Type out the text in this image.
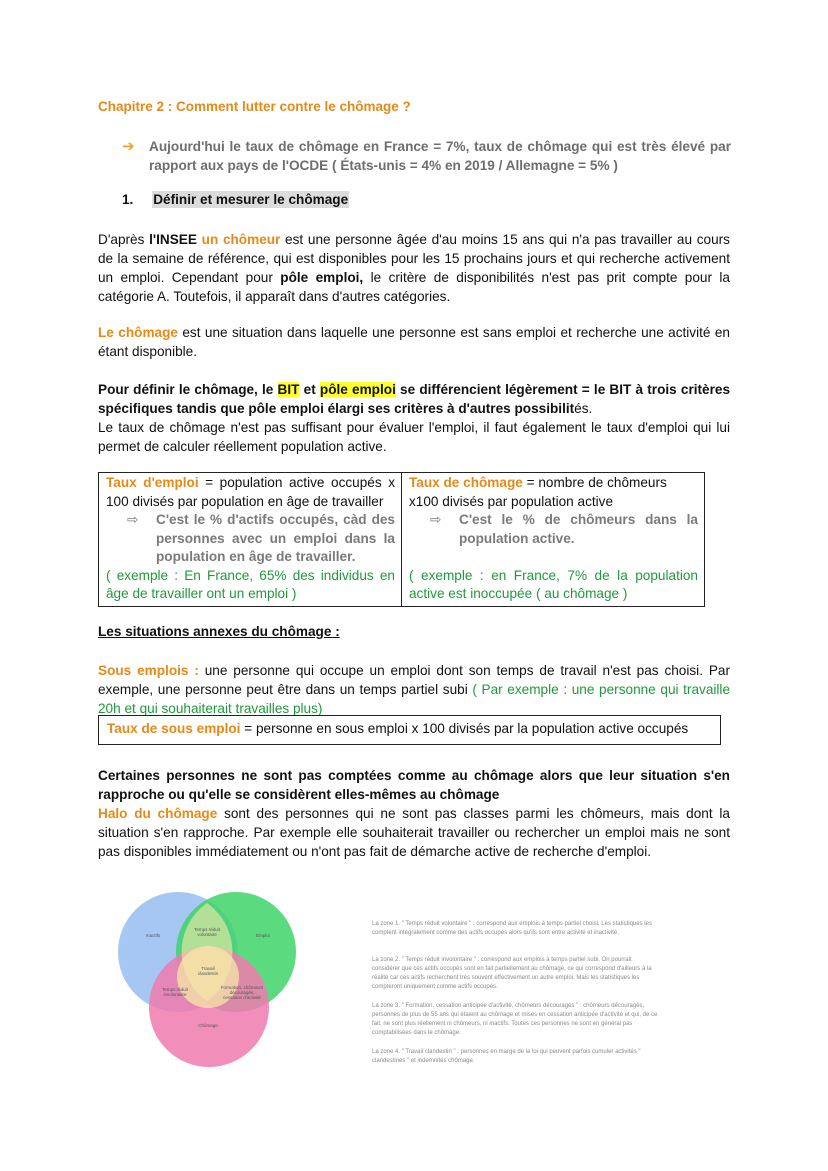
Chapitre 2 : Comment lutter contre le chômage ?
➔ Aujourd'hui le taux de chômage en France = 7%, taux de chômage qui est très élevé par rapport aux pays de l'OCDE ( États-unis = 4% en 2019 / Allemagne = 5% )
1. Définir et mesurer le chômage

D'après l'INSEE un chômeur est une personne âgée d'au moins 15 ans qui n'a pas travailler au cours de la semaine de référence, qui est disponibles pour les 15 prochains jours et qui recherche activement un emploi. Cependant pour pôle emploi, le critère de disponibilités n'est pas prit compte pour la catégorie A. Toutefois, il apparaît dans d'autres catégories.

Le chômage est une situation dans laquelle une personne est sans emploi et recherche une activité en étant disponible.

Pour définir le chômage, le BIT et pôle emploi se différencient légèrement = le BIT à trois critères spécifiques tandis que pôle emploi élargi ses critères à d'autres possibilités.
Le taux de chômage n'est pas suffisant pour évaluer l'emploi, il faut également le taux d'emploi qui lui permet de calculer réellement population active.

Taux d'emploi = population active occupés x 100 divisés par population en âge de travailler
⇨	C'est le % d'actifs occupés, càd des personnes avec un emploi dans la population en âge de travailler.
( exemple : En France, 65% des individus en âge de travailler ont un emploi )

Taux de chômage = nombre de chômeurs x100 divisés par population active
⇨	C'est le % de chômeurs dans la population active.
( exemple : en France, 7% de la population active est inoccupée ( au chômage )
Les situations annexes du chômage :

Sous emplois : une personne qui occupe un emploi dont son temps de travail n'est pas choisi. Par exemple, une personne peut être dans un temps partiel subi ( Par exemple : une personne qui travaille 20h et qui souhaiterait travailles plus)

Taux de sous emploi = personne en sous emploi x 100 divisés par la population active occupés

Certaines personnes ne sont pas comptées comme au chômage alors que leur situation s'en rapproche ou qu'elle se considèrent elles-mêmes au chômage
Halo du chômage sont des personnes qui ne sont pas classes parmi les chômeurs, mais dont la situation s'en rapproche. Par exemple elle souhaiterait travailler ou rechercher un emploi mais ne sont pas disponibles immédiatement ou n'ont pas fait de démarche active de recherche d'emploi.

Inactifs	Emploi
Chômage
Temps réduit volontaire
Temps réduit involontaire
Formation, chômeurs découragés, cessation d'activité
Travail clandestin
La zone 1. " Temps réduit volontaire " : correspond aux emplois à temps partiel choisi. Les statistiques les comptent intégralement comme des actifs occupés alors qu'ils sont entre activité et inactivité.
La zone 2. " Temps réduit involontaire " : correspond aux emplois à temps partiel subi. On pourrait considérer que ces actifs occupés sont en fait partiellement au chômage, ce qui correspond d'ailleurs à la réalité car ces actifs recherchent très souvent effectivement un autre emploi. Mais les statistiques les compteront uniquement comme actifs occupés.
La zone 3. " Formation, cessation anticipée d'activité, chômeurs découragés " : chômeurs découragés, personnes de plus de 55 ans qui étaient au chômage et mises en cessation anticipée d'activité et qui, de ce fait, ne sont plus réellement ni chômeurs, ni inactifs. Toutes ces personnes ne sont en général pas comptabilisées dans le chômage.
La zone 4. " Travail clandestin " : personnes en marge de la loi qui peuvent parfois cumuler activités " clandestines " et indemnités chômage.
